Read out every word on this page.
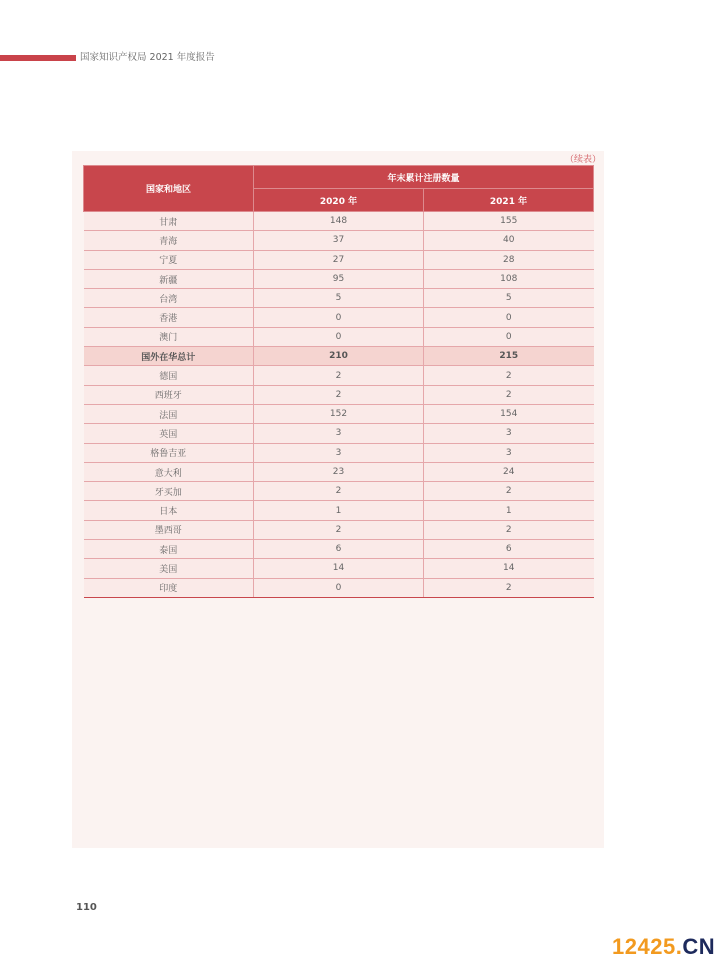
国家知识产权局 2021 年度报告
（续表）
国家和地区	年末累计注册数量	
	2020 年	2021 年
甘肃	148	155
青海	37	40
宁夏	27	28
新疆	95	108
台湾	5	5
香港	0	0
澳门	0	0
国外在华总计	210	215
德国	2	2
西班牙	2	2
法国	152	154
英国	3	3
格鲁吉亚	3	3
意大利	23	24
牙买加	2	2
日本	1	1
墨西哥	2	2
泰国	6	6
美国	14	14
印度	0	2
110
12425.CN
